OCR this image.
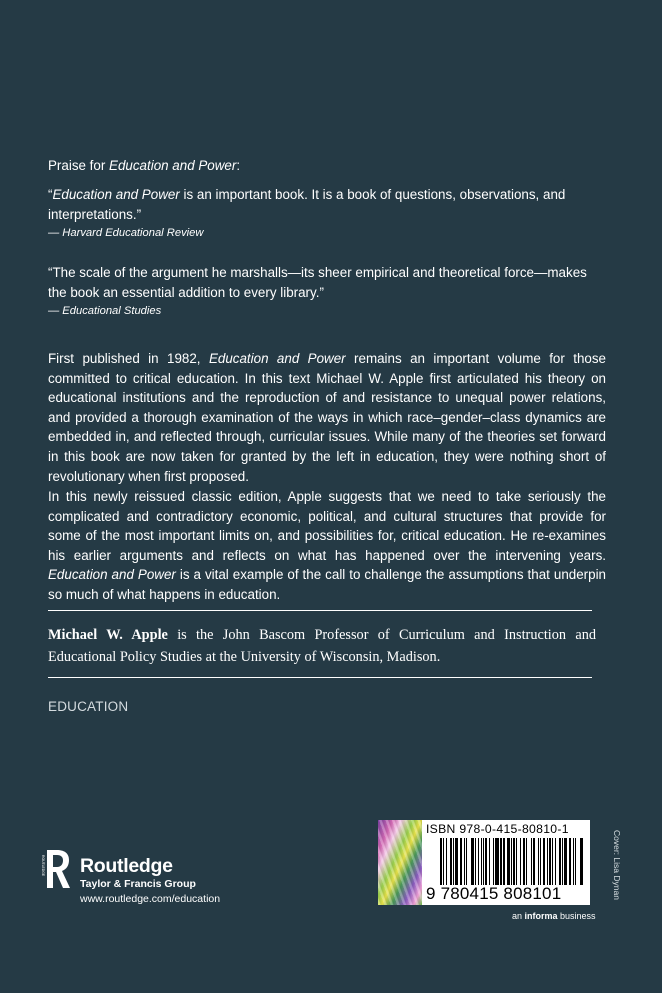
Praise for Education and Power:
“Education and Power is an important book. It is a book of questions, observations, and interpretations.”
— Harvard Educational Review
“The scale of the argument he marshalls—its sheer empirical and theoretical force—makes the book an essential addition to every library.”
— Educational Studies
First published in 1982, Education and Power remains an important volume for those committed to critical education. In this text Michael W. Apple first articulated his theory on educational institutions and the reproduction of and resistance to unequal power relations, and provided a thorough examination of the ways in which race–gender–class dynamics are embedded in, and reflected through, curricular issues. While many of the theories set forward in this book are now taken for granted by the left in education, they were nothing short of revolutionary when first proposed.
In this newly reissued classic edition, Apple suggests that we need to take seriously the complicated and contradictory economic, political, and cultural structures that provide for some of the most important limits on, and possibilities for, critical education. He re-examines his earlier arguments and reflects on what has happened over the intervening years. Education and Power is a vital example of the call to challenge the assumptions that underpin so much of what happens in education.
Michael W. Apple is the John Bascom Professor of Curriculum and Instruction and Educational Policy Studies at the University of Wisconsin, Madison.
EDUCATION
ROUTLEDGE Routledge
Taylor & Francis Group
www.routledge.com/education
ISBN 978-0-415-80810-1
9 780415 808101
an informa business
Cover: Lisa Dynan
